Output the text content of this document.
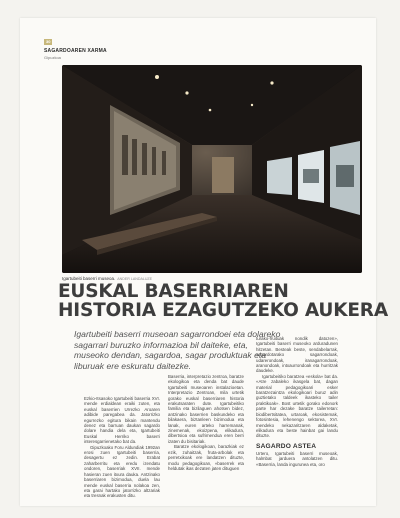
30
SAGARDOAREN XARMA
Gipuzkoa
Igartubeiti baserri museoa. ANDER LANDALUZE
EUSKAL BASERRIAREN
HISTORIA EZAGUTZEKO AUKERA
Igartubeiti baserri museoan sagarrondoei eta dolareko sagarrari buruzko informazioa bil daiteke, eta, museoko dendan, sagardoa, sagar produktuak eta liburuak ere eskuratu daitezke.

Ezkio-Itsasoko Igartubeiti baserria XVI. mende erdialdean eraiki zuten, eta euskal baserrien Urrezko Aroaren adibide paregabea da. Jatorrizko egurrezko egitura bikain mantendu denez eta barruan daukan sagardo dolare handia dela eta, Igartubeiti Euskal Herriko baserri interesgarrienetako bat da.

Gipuzkoako Foru Aldundiak 1992an erosi zuen Igartubeiti baserria, desagertu ez zedin. Erabat zaharberritu eta eredu izendatu ondoren, baserriak XVII. mende hasieran zuen itxura dauka. Antzinako baserriaren bizimodua, duela lau mende euskal baserria nolakoa zen, eta garai hartako jatorrizko altzariak eta tresnak erakusten ditu.

Baserria, interpretazio zentroa, baratze ekologikoa eta denda bat daude Igartubeiti museoaren instalazioetan. Interpretazio Zentroan, mila urtetik gorako euskal baserriaren historia erakutsaraten dute. Igartubeitiko familia eta bizilaguen ahotsen bidez, antzinako baserrien baskundeko eta bilakaera, biztanleen bizimodua eta lanak, euren arteko harremanak, zinemenak, ekoizpena, elikadura, dibertsioa eta sufrimendua eren berri izaten du bisitariak.

Baratze ekologikoan, barazkiak ez ezik, zuhaitzak, fruta-arbolak eta perretxikoak ere landatzen dituzte, modu pedagogikoan, «baserrek eta heldutak ikas dezaten jaten dituguen

turako-fruituak nondik datozen», Igartubeiti baserri museoko arduradunen hitzetan. Besteak beste, sendabelarrak, sagardotarako sagarrondoak, udarerondoak, iranagarrondoak, aranondoak, intxaurrondoak eta hurritzak daudeke.

Igartubeitiko baratzea «eskola» bat da. «Atre zabaleko ikasgela bat, dagan material pedagogikoari esker baratzezaintza ekologikoari buruz adin guztietako taldeek ikasteko tailer praktikoak». Bost urtetik gorako edonork parte har dezake baratze tailerretan: biodibertsitatea, urtaroak, ekosistemak, fotosintesia, lehenengo sektorea, XVI. mendeko nekazaritzaren aldaketak, elikadura eta beste hainbat gai landu dituzte.

SAGARDO ASTEA

Urtero, Igartubeiti baserri museoak, halmbat jarduera antolatzen ditu. «Baserria, landa ingurunea eta, oro
